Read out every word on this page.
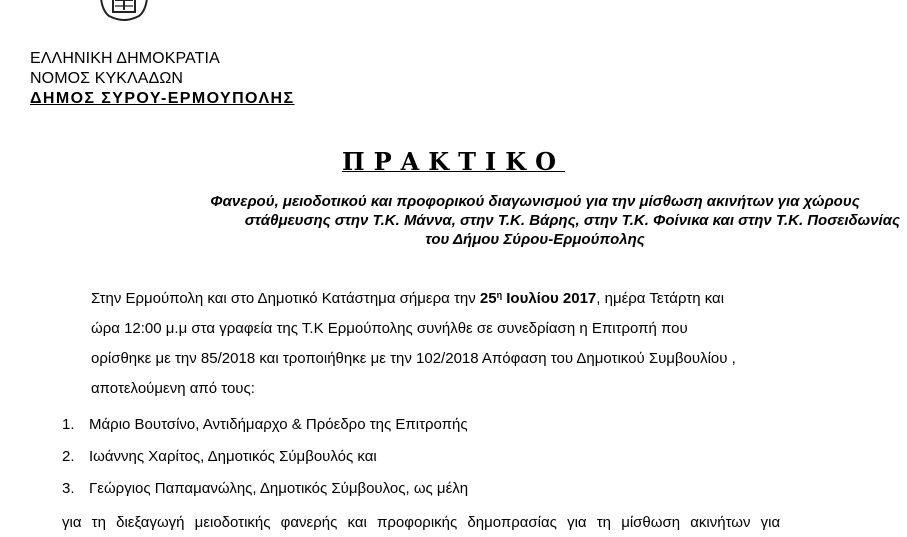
ΕΛΛΗΝΙΚΗ ΔΗΜΟΚΡΑΤΙΑ
ΝΟΜΟΣ ΚΥΚΛΑΔΩΝ
ΔΗΜΟΣ ΣΥΡΟΥ-ΕΡΜΟΥΠΟΛΗΣ
ΠΡΑΚΤΙΚΟ
Φανερού, μειοδοτικού και προφορικού διαγωνισμού για την μίσθωση ακινήτων για χώρους
στάθμευσης στην Τ.Κ. Μάννα, στην Τ.Κ. Βάρης, στην Τ.Κ. Φοίνικα και στην Τ.Κ. Ποσειδωνίας
του Δήμου Σύρου-Ερμούπολης
Στην Ερμούπολη και στο Δημοτικό Κατάστημα σήμερα την $25^\eta$ Ιουλίου 2017, ημέρα Τετάρτη και
ώρα 12:00 μ.μ στα γραφεία της Τ.Κ Ερμούπολης συνήλθε σε συνεδρίαση η Επιτροπή που
ορίσθηκε με την 85/2018 και τροποιήθηκε με την 102/2018 Απόφαση του Δημοτικού Συμβουλίου ,
αποτελούμενη από τους:
1. Μάριο Βουτσίνο, Αντιδήμαρχο & Πρόεδρο της Επιτροπής
2. Ιωάννης Χαρίτος, Δημοτικός Σύμβουλός και
3. Γεώργιος Παπαμανώλης, Δημοτικός Σύμβουλος, ως μέλη
για τη διεξαγωγή μειοδοτικής φανερής και προφορικής δημοπρασίας για τη μίσθωση ακινήτων για
